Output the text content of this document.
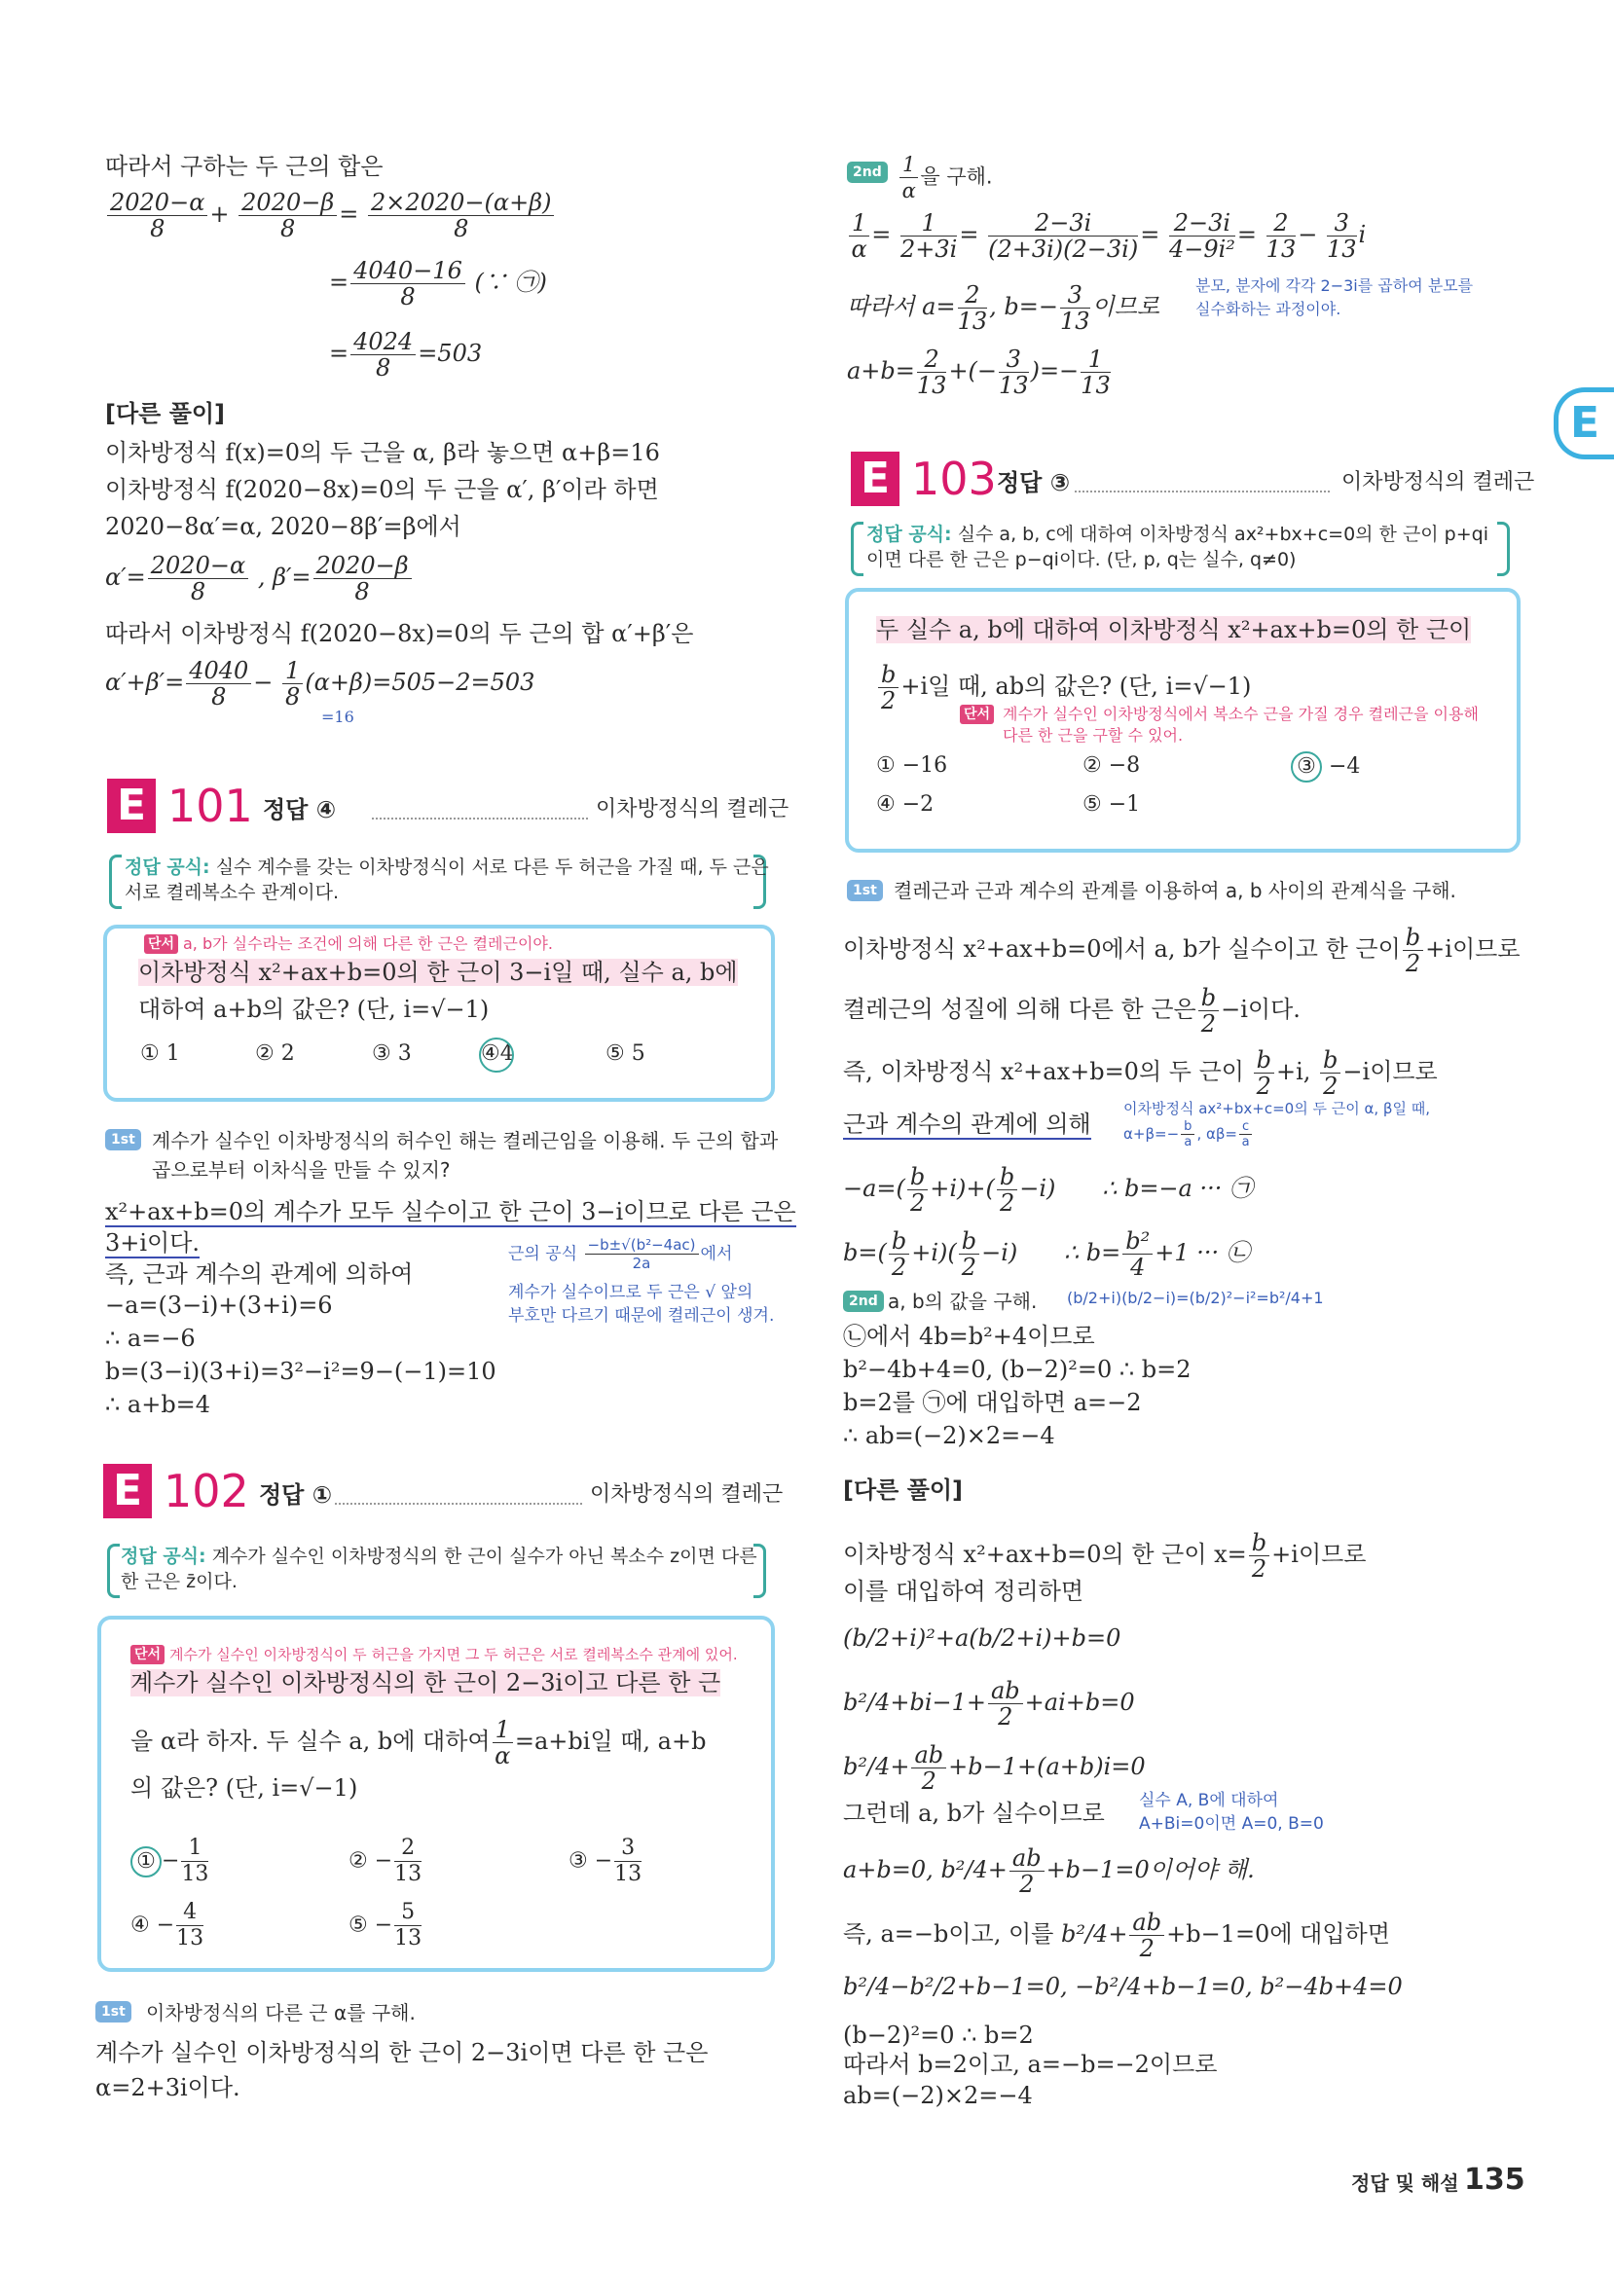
E
따라서 구하는 두 근의 합은
$\frac{2020-\alpha}{8} + \frac{2020-\beta}{8} = \frac{2\times 2020-(\alpha+\beta)}{8}$
= $\frac{4040-16}{8}$ (∵ ㉠)
= $\frac{4024}{8} =503$
[다른 풀이]
이차방정식 f(x)=0의 두 근을 α, β라 놓으면 α+β=16
이차방정식 f(2020−8x)=0의 두 근을 α′, β′이라 하면
2020−8α′=α, 2020−8β′=β에서
$\alpha'= \frac{2020-\alpha}{8}$ , $\beta'= \frac{2020-\beta}{8}$
따라서 이차방정식 f(2020−8x)=0의 두 근의 합 α′+β′은
$\alpha'+\beta'= \frac{4040}{8} - \frac{1}{8} (\alpha+\beta)=505-2=503$
=16
E 101 정답 ④	이차방정식의 켤레근
정답 공식: 실수 계수를 갖는 이차방정식이 서로 다른 두 허근을 가질 때, 두 근은
서로 켤레복소수 관계이다.
단서 a, b가 실수라는 조건에 의해 다른 한 근은 켤레근이야.
이차방정식 x²+ax+b=0의 한 근이 3−i일 때, 실수 a, b에
대하여 a+b의 값은? (단, i=√−1)
① 1	② 2	③ 3	④4	⑤ 5
1st 계수가 실수인 이차방정식의 허수인 해는 켤레근임을 이용해. 두 근의 합과
곱으로부터 이차식을 만들 수 있지?
x²+ax+b=0의 계수가 모두 실수이고 한 근이 3−i이므로 다른 근은
3+i이다.
즉, 근과 계수의 관계에 의하여
−a=(3−i)+(3+i)=6
∴ a=−6
b=(3−i)(3+i)=3²−i²=9−(−1)=10
∴ a+b=4
근의 공식 $\frac{\text{−b±√(b²−4ac)}}{2a}$ 에서
계수가 실수이므로 두 근은 √ 앞의
부호만 다르기 때문에 켤레근이 생겨.
E 102 정답 ①	이차방정식의 켤레근
정답 공식: 계수가 실수인 이차방정식의 한 근이 실수가 아닌 복소수 z이면 다른
한 근은 z̄이다.
단서 계수가 실수인 이차방정식이 두 허근을 가지면 그 두 허근은 서로 켤레복소수 관계에 있어.
계수가 실수인 이차방정식의 한 근이 2−3i이고 다른 한 근
을 α라 하자. 두 실수 a, b에 대하여 $\frac{1}{\alpha} =a+bi$일 때, a+b
의 값은? (단, i=√−1)
① − $\frac{1}{13}$	② − $\frac{2}{13}$	③ − $\frac{3}{13}$
④ − $\frac{4}{13}$	⑤ − $\frac{5}{13}$
1st	이차방정식의 다른 근 α를 구해.
계수가 실수인 이차방정식의 한 근이 2−3i이면 다른 한 근은
α=2+3i이다.
$2nd \frac{1}{\alpha}$ 을 구해.
$\frac{1}{\alpha} = \frac{1}{2+3i} = \frac{2-3i}{(2+3i)(2-3i)} = \frac{2-3i}{\text{4−9i²}} = \frac{2}{13} - \frac{3}{13}$ i
분모, 분자에 각각 2−3i를 곱하여 분모를
실수화하는 과정이야.
따라서 $a= \frac{2}{13}$ , $b=- \frac{3}{13}$ 이므로
$a+b= \frac{2}{13}$ +(− $\frac{3}{13}$ )=− $\frac{1}{13}$
E 103 정답 ③	이차방정식의 켤레근
정답 공식: 실수 a, b, c에 대하여 이차방정식 ax²+bx+c=0의 한 근이 p+qi
이면 다른 한 근은 p−qi이다. (단, p, q는 실수, q≠0)
두 실수 a, b에 대하여 이차방정식 x²+ax+b=0의 한 근이
$\frac{b}{2} +i$일 때, ab의 값은? (단, i=√−1)
단서 계수가 실수인 이차방정식에서 복소수 근을 가질 경우 켤레근을 이용해
다른 한 근을 구할 수 있어.
① −16	② −8	③ −4
④ −2	⑤ −1
1st 켤레근과 근과 계수의 관계를 이용하여 a, b 사이의 관계식을 구해.
이차방정식 x²+ax+b=0에서 a, b가 실수이고 한 근이 $\frac{b}{2} +i$이므로
켤레근의 성질에 의해 다른 한 근은 $\frac{b}{2} -i$이다.
즉, 이차방정식 x²+ax+b=0의 두 근이 $\frac{b}{2} +i$, $\frac{b}{2} -i$이므로
근과 계수의 관계에 의해
이차방정식 ax²+bx+c=0의 두 근이 α, β일 때,
$\alpha+\beta=- \frac{b}{a}$ , $\alpha\beta= \frac{c}{a}$
$-a=( \frac{b}{2} +i)+( \frac{b}{2} -i)$ ∴ b=−a ··· ㉠
$b=( \frac{b}{2} +i)( \frac{b}{2} -i)$ ∴ $b= \frac{\text{b²}}{4} +1$ ··· ㉡
2nd a, b의 값을 구해. (b/2+i)(b/2−i)=(b/2)²−i²=b²/4+1
㉡에서 4b=b²+4이므로
b²−4b+4=0, (b−2)²=0 ∴ b=2
b=2를 ㉠에 대입하면 a=−2
∴ ab=(−2)×2=−4
[다른 풀이]
이차방정식 x²+ax+b=0의 한 근이 $x= \frac{b}{2} +i$이므로
이를 대입하여 정리하면
(b/2+i)²+a(b/2+i)+b=0
$b^2/4+bi-1+ \frac{ab}{2} +ai+b=0$
$b^2/4+ \frac{ab}{2} +b-1+(a+b)i=0$
그런데 a, b가 실수이므로 실수 A, B에 대하여
A+Bi=0이면 A=0, B=0
a+b=0, $b^2/4+ \frac{ab}{2} +b-1=0$이어야 해.
즉, a=−b이고, 이를 $b^2/4+ \frac{ab}{2} +b-1=0$에 대입하면
b²/4−b²/2+b−1=0, −b²/4+b−1=0, b²−4b+4=0
(b−2)²=0 ∴ b=2
따라서 b=2이고, a=−b=−2이므로
ab=(−2)×2=−4
정답 및 해설 135
